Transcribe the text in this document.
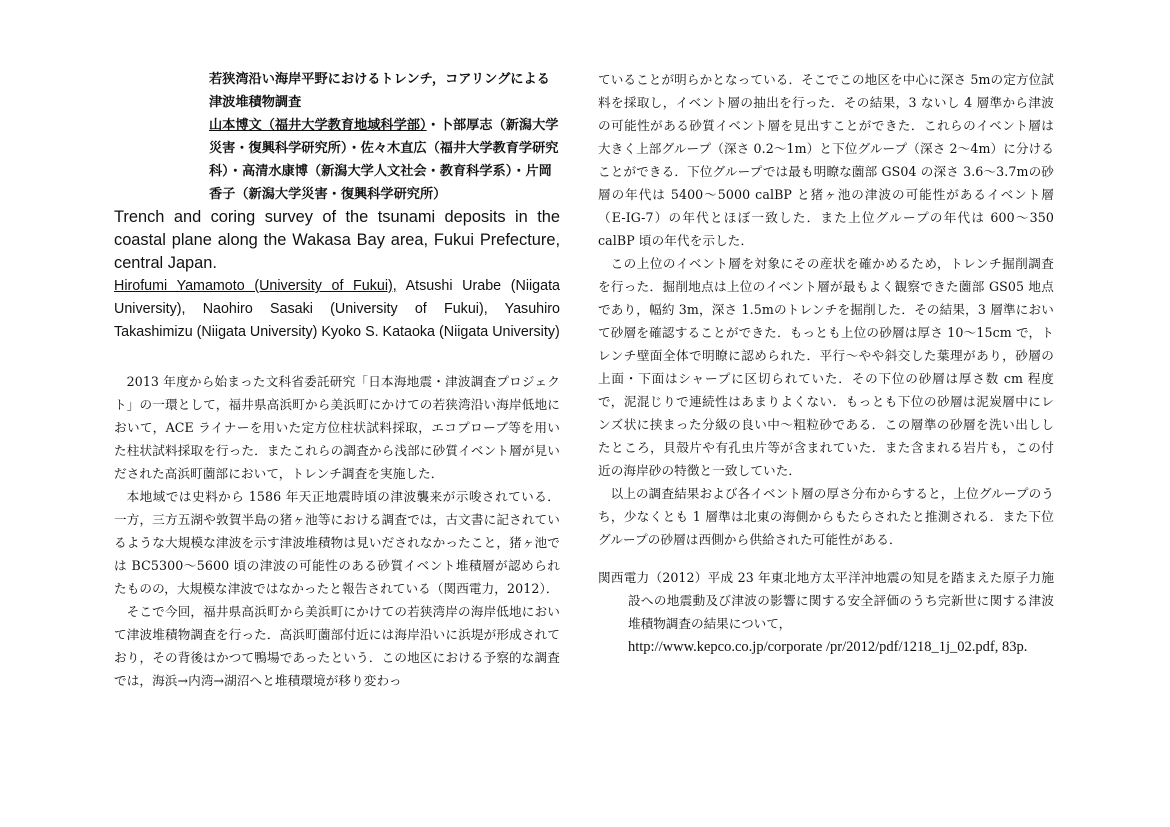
若狭湾沿い海岸平野におけるトレンチ，コアリングによる
津波堆積物調査
山本博文（福井大学教育地域科学部）・卜部厚志（新潟大学災害・復興科学研究所）・佐々木直広（福井大学教育学研究科）・高清水康博（新潟大学人文社会・教育科学系）・片岡香子（新潟大学災害・復興科学研究所）

Trench and coring survey of the tsunami deposits in the coastal plane along the Wakasa Bay area, Fukui Prefecture, central Japan.

Hirofumi Yamamoto (University of Fukui), Atsushi Urabe (Niigata University), Naohiro Sasaki (University of Fukui), Yasuhiro Takashimizu (Niigata University) Kyoko S. Kataoka (Niigata University)

2013 年度から始まった文科省委託研究「日本海地震・津波調査プロジェクト」の一環として，福井県高浜町から美浜町にかけての若狭湾沿い海岸低地において，ACE ライナーを用いた定方位柱状試料採取，エコプローブ等を用いた柱状試料採取を行った．またこれらの調査から浅部に砂質イベント層が見いだされた高浜町薗部において，トレンチ調査を実施した．

本地域では史料から 1586 年天正地震時頃の津波襲来が示唆されている．一方，三方五湖や敦賀半島の猪ヶ池等における調査では，古文書に記されているような大規模な津波を示す津波堆積物は見いだされなかったこと，猪ヶ池では BC5300〜5600 頃の津波の可能性のある砂質イベント堆積層が認められたものの，大規模な津波ではなかったと報告されている（関西電力，2012）．

そこで今回，福井県高浜町から美浜町にかけての若狭湾岸の海岸低地において津波堆積物調査を行った．高浜町薗部付近には海岸沿いに浜堤が形成されており，その背後はかつて鴨場であったという．この地区における予察的な調査では，海浜→内湾→湖沼へと堆積環境が移り変わっ

ていることが明らかとなっている．そこでこの地区を中心に深さ 5mの定方位試料を採取し，イベント層の抽出を行った．その結果，3 ないし 4 層準から津波の可能性がある砂質イベント層を見出すことができた．これらのイベント層は大きく上部グループ（深さ 0.2〜1m）と下位グループ（深さ 2〜4m）に分けることができる．下位グループでは最も明瞭な薗部 GS04 の深さ 3.6〜3.7mの砂層の年代は 5400〜5000 calBP と猪ヶ池の津波の可能性があるイベント層（E-IG-7）の年代とほぼ一致した．また上位グループの年代は 600〜350 calBP 頃の年代を示した．

この上位のイベント層を対象にその産状を確かめるため，トレンチ掘削調査を行った．掘削地点は上位のイベント層が最もよく観察できた薗部 GS05 地点であり，幅約 3m，深さ 1.5mのトレンチを掘削した．その結果，3 層準において砂層を確認することができた．もっとも上位の砂層は厚さ 10〜15cm で，トレンチ壁面全体で明瞭に認められた．平行〜やや斜交した葉理があり，砂層の上面・下面はシャープに区切られていた．その下位の砂層は厚さ数 cm 程度で，泥混じりで連続性はあまりよくない．もっとも下位の砂層は泥炭層中にレンズ状に挟まった分級の良い中〜粗粒砂である．この層準の砂層を洗い出ししたところ，貝殻片や有孔虫片等が含まれていた．また含まれる岩片も，この付近の海岸砂の特徴と一致していた．

以上の調査結果および各イベント層の厚さ分布からすると，上位グループのうち，少なくとも 1 層準は北東の海側からもたらされたと推測される．また下位グループの砂層は西側から供給された可能性がある．

関西電力（2012）平成 23 年東北地方太平洋沖地震の知見を踏まえた原子力施設への地震動及び津波の影響に関する安全評価のうち完新世に関する津波堆積物調査の結果について，
http://www.kepco.co.jp/corporate /pr/2012/pdf/1218_1j_02.pdf, 83p.
